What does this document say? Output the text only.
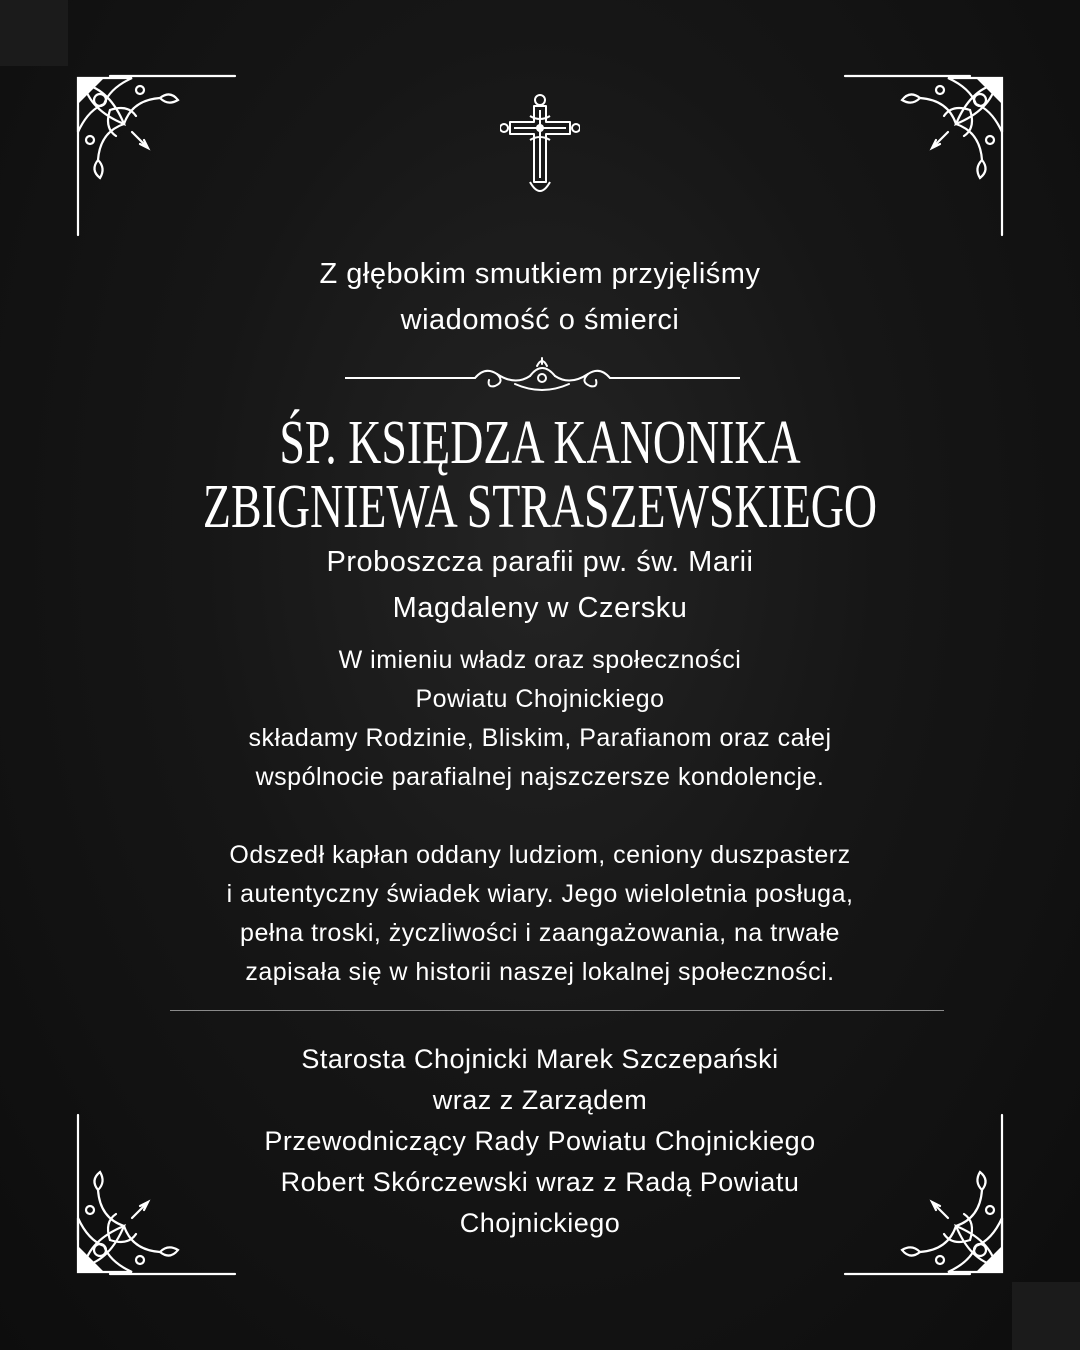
Z głębokim smutkiem przyjęliśmy
wiadomość o śmierci
ŚP. KSIĘDZA KANONIKA
ZBIGNIEWA STRASZEWSKIEGO
Proboszcza parafii pw. św. Marii
Magdaleny w Czersku
W imieniu władz oraz społeczności
Powiatu Chojnickiego
składamy Rodzinie, Bliskim, Parafianom oraz całej
wspólnocie parafialnej najszczersze kondolencje.
Odszedł kapłan oddany ludziom, ceniony duszpasterz
i autentyczny świadek wiary. Jego wieloletnia posługa,
pełna troski, życzliwości i zaangażowania, na trwałe
zapisała się w historii naszej lokalnej społeczności.
Starosta Chojnicki Marek Szczepański
wraz z Zarządem
Przewodniczący Rady Powiatu Chojnickiego
Robert Skórczewski wraz z Radą Powiatu
Chojnickiego
